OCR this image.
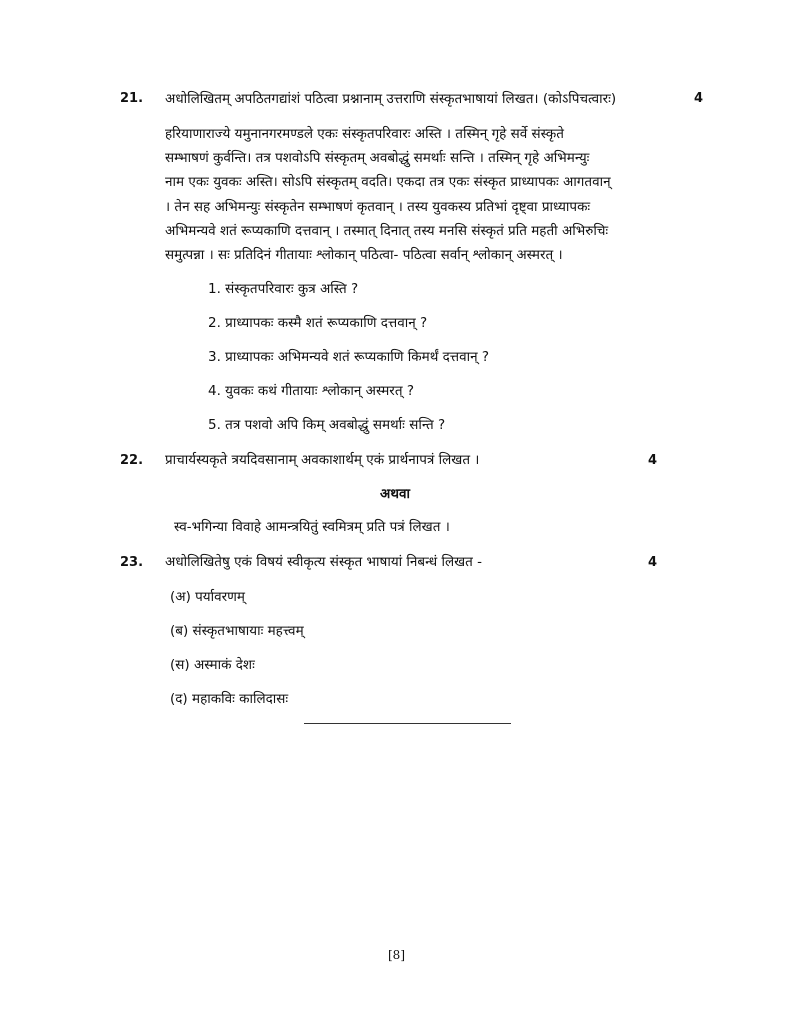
21. अधोलिखितम् अपठितगद्यांशं पठित्वा प्रश्नानाम् उत्तराणि संस्कृतभाषायां लिखत। (कोऽपिचत्वारः)	4
हरियाणाराज्ये यमुनानगरमण्डले एकः संस्कृतपरिवारः अस्ति । तस्मिन् गृहे सर्वे संस्कृते
सम्भाषणं कुर्वन्ति। तत्र पशवोऽपि संस्कृतम् अवबोद्धुं समर्थाः सन्ति । तस्मिन् गृहे अभिमन्युः
नाम एकः युवकः अस्ति। सोऽपि संस्कृतम् वदति। एकदा तत्र एकः संस्कृत प्राध्यापकः आगतवान्
। तेन सह अभिमन्युः संस्कृतेन सम्भाषणं कृतवान् । तस्य युवकस्य प्रतिभां दृष्ट्वा प्राध्यापकः
अभिमन्यवे शतं रूप्यकाणि दत्तवान् । तस्मात् दिनात् तस्य मनसि संस्कृतं प्रति महती अभिरुचिः
समुत्पन्ना । सः प्रतिदिनं गीतायाः श्लोकान् पठित्वा- पठित्वा सर्वान् श्लोकान् अस्मरत् ।
1. संस्कृतपरिवारः कुत्र अस्ति ?
2. प्राध्यापकः कस्मै शतं रूप्यकाणि दत्तवान् ?
3. प्राध्यापकः अभिमन्यवे शतं रूप्यकाणि किमर्थं दत्तवान् ?
4. युवकः कथं गीतायाः श्लोकान् अस्मरत् ?
5. तत्र पशवो अपि किम् अवबोद्धुं समर्थाः सन्ति ?
22. प्राचार्यस्यकृते त्रयदिवसानाम् अवकाशार्थम् एकं प्रार्थनापत्रं लिखत ।	4
अथवा
स्व-भगिन्या विवाहे आमन्त्रयितुं स्वमित्रम् प्रति पत्रं लिखत ।
23. अधोलिखितेषु एकं विषयं स्वीकृत्य संस्कृत भाषायां निबन्धं लिखत -	4
(अ) पर्यावरणम्
(ब) संस्कृतभाषायाः महत्त्वम्
(स) अस्माकं देशः
(द) महाकविः कालिदासः
[8]
